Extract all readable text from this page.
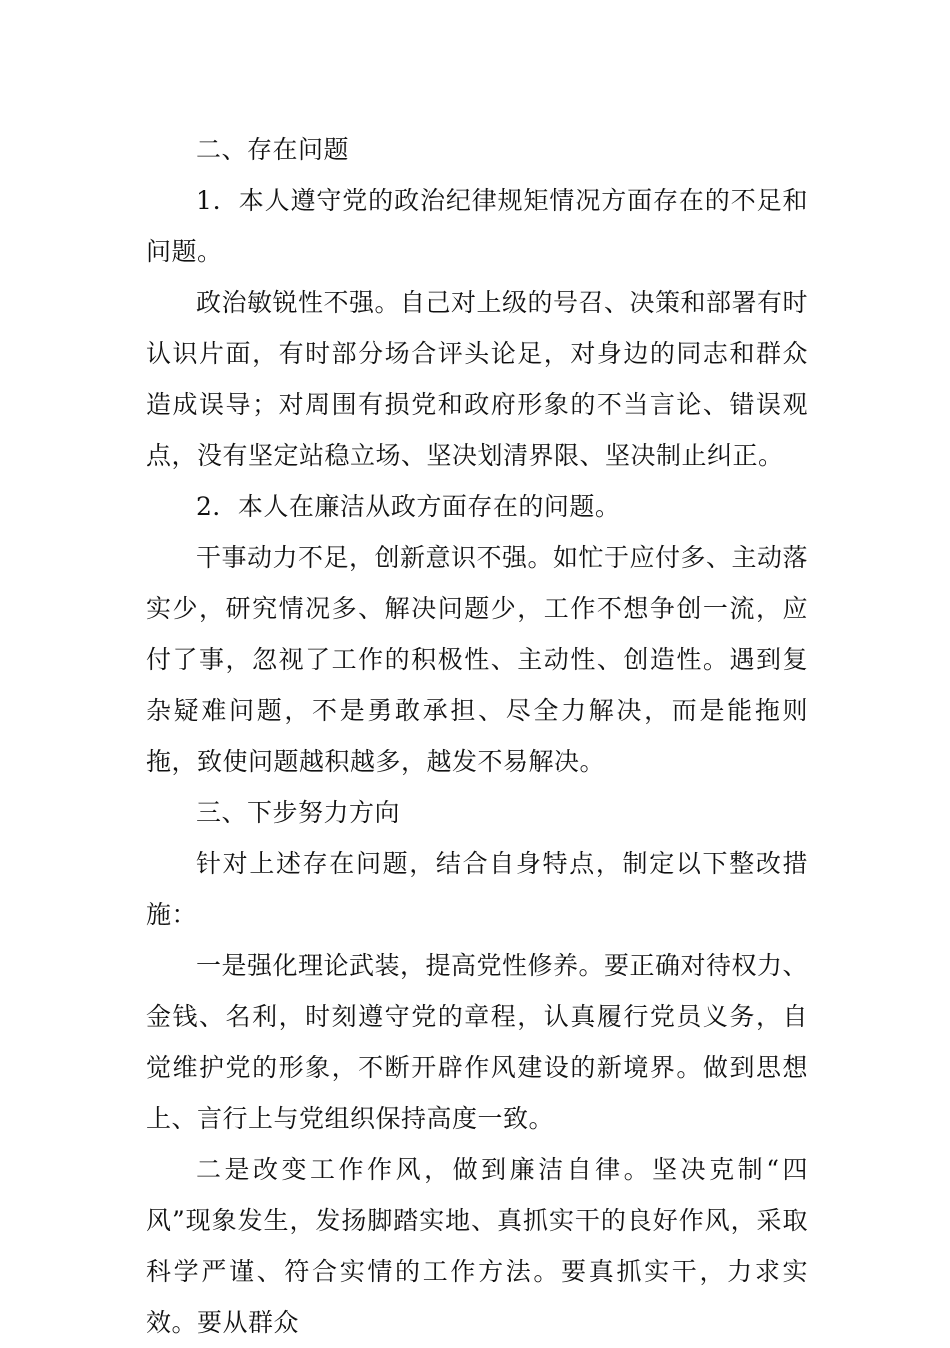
二、存在问题

1．本人遵守党的政治纪律规矩情况方面存在的不足和问题。

政治敏锐性不强。自己对上级的号召、决策和部署有时认识片面，有时部分场合评头论足，对身边的同志和群众造成误导；对周围有损党和政府形象的不当言论、错误观点，没有坚定站稳立场、坚决划清界限、坚决制止纠正。

2．本人在廉洁从政方面存在的问题。

干事动力不足，创新意识不强。如忙于应付多、主动落实少，研究情况多、解决问题少，工作不想争创一流，应付了事，忽视了工作的积极性、主动性、创造性。遇到复杂疑难问题，不是勇敢承担、尽全力解决，而是能拖则拖，致使问题越积越多，越发不易解决。

三、下步努力方向

针对上述存在问题，结合自身特点，制定以下整改措施：

一是强化理论武装，提高党性修养。要正确对待权力、金钱、名利，时刻遵守党的章程，认真履行党员义务，自觉维护党的形象，不断开辟作风建设的新境界。做到思想上、言行上与党组织保持高度一致。

二是改变工作作风，做到廉洁自律。坚决克制“四风”现象发生，发扬脚踏实地、真抓实干的良好作风，采取科学严谨、符合实情的工作方法。要真抓实干，力求实效。要从群众
